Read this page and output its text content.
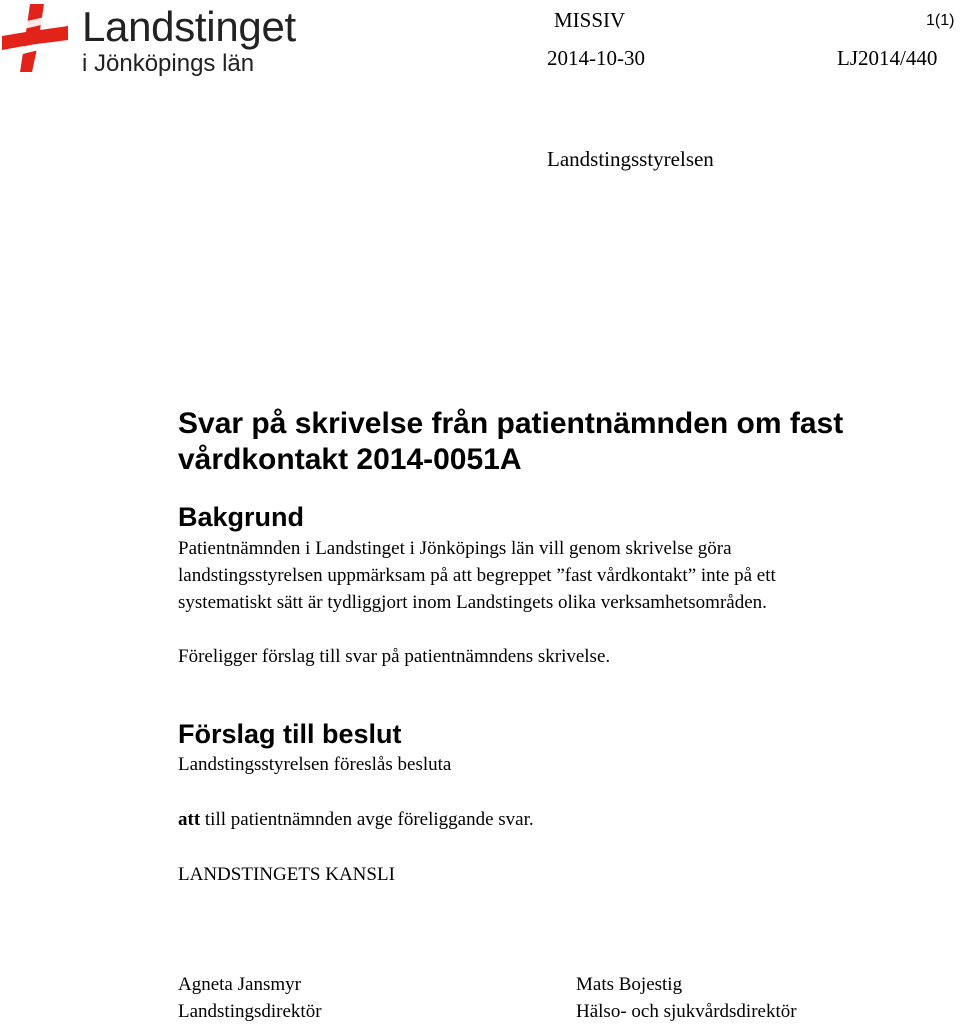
Landstinget
i Jönköpings län
MISSIV	1(1)
2014-10-30	LJ2014/440
Landstingsstyrelsen
Svar på skrivelse från patientnämnden om fast vårdkontakt 2014-0051A
Bakgrund
Patientnämnden i Landstinget i Jönköpings län vill genom skrivelse göra
landstingsstyrelsen uppmärksam på att begreppet ”fast vårdkontakt” inte på ett
systematiskt sätt är tydliggjort inom Landstingets olika verksamhetsområden.
Föreligger förslag till svar på patientnämndens skrivelse.
Förslag till beslut
Landstingsstyrelsen föreslås besluta
att till patientnämnden avge föreliggande svar.
LANDSTINGETS KANSLI
Agneta Jansmyr
Landstingsdirektör
Mats Bojestig
Hälso- och sjukvårdsdirektör
